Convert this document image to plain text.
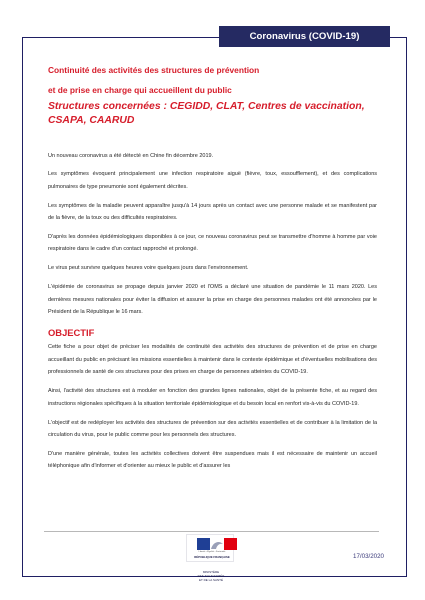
Coronavirus (COVID-19)
Continuité des activités des structures de prévention
et de prise en charge qui accueillent du public
Structures concernées : CEGIDD, CLAT, Centres de vaccination, CSAPA, CAARUD

Un nouveau coronavirus a été détecté en Chine fin décembre 2019.

Les symptômes évoquent principalement une infection respiratoire aiguë (fièvre, toux, essoufflement), et des complications pulmonaires de type pneumonie sont également décrites.

Les symptômes de la maladie peuvent apparaître jusqu'à 14 jours après un contact avec une personne malade et se manifestent par de la fièvre, de la toux ou des difficultés respiratoires.

D'après les données épidémiologiques disponibles à ce jour, ce nouveau coronavirus peut se transmettre d'homme à homme par voie respiratoire dans le cadre d'un contact rapproché et prolongé.

Le virus peut survivre quelques heures voire quelques jours dans l'environnement.

L'épidémie de coronavirus se propage depuis janvier 2020 et l'OMS a déclaré une situation de pandémie le 11 mars 2020. Les dernières mesures nationales pour éviter la diffusion et assurer la prise en charge des personnes malades ont été annoncées par le Président de la République le 16 mars.

OBJECTIF

Cette fiche a pour objet de préciser les modalités de continuité des activités des structures de prévention et de prise en charge accueillant du public en précisant les missions essentielles à maintenir dans le contexte épidémique et d'éventuelles mobilisations des professionnels de santé de ces structures pour des prises en charge de personnes atteintes du COVID-19.

Ainsi, l'activité des structures est à moduler en fonction des grandes lignes nationales, objet de la présente fiche, et au regard des instructions régionales spécifiques à la situation territoriale épidémiologique et du besoin local en renfort vis-à-vis du COVID-19.

L'objectif est de redéployer les activités des structures de prévention sur des activités essentielles et de contribuer à la limitation de la circulation du virus, pour le public comme pour les personnels des structures.

D'une manière générale, toutes les activités collectives doivent être suspendues mais il est nécessaire de maintenir un accueil téléphonique afin d'informer et d'orienter au mieux le public et d'assurer les

Liberté • Égalité • Fraternité
RÉPUBLIQUE FRANÇAISE
MINISTÈRE
DES SOLIDARITÉS
ET DE LA SANTÉ
17/03/2020
